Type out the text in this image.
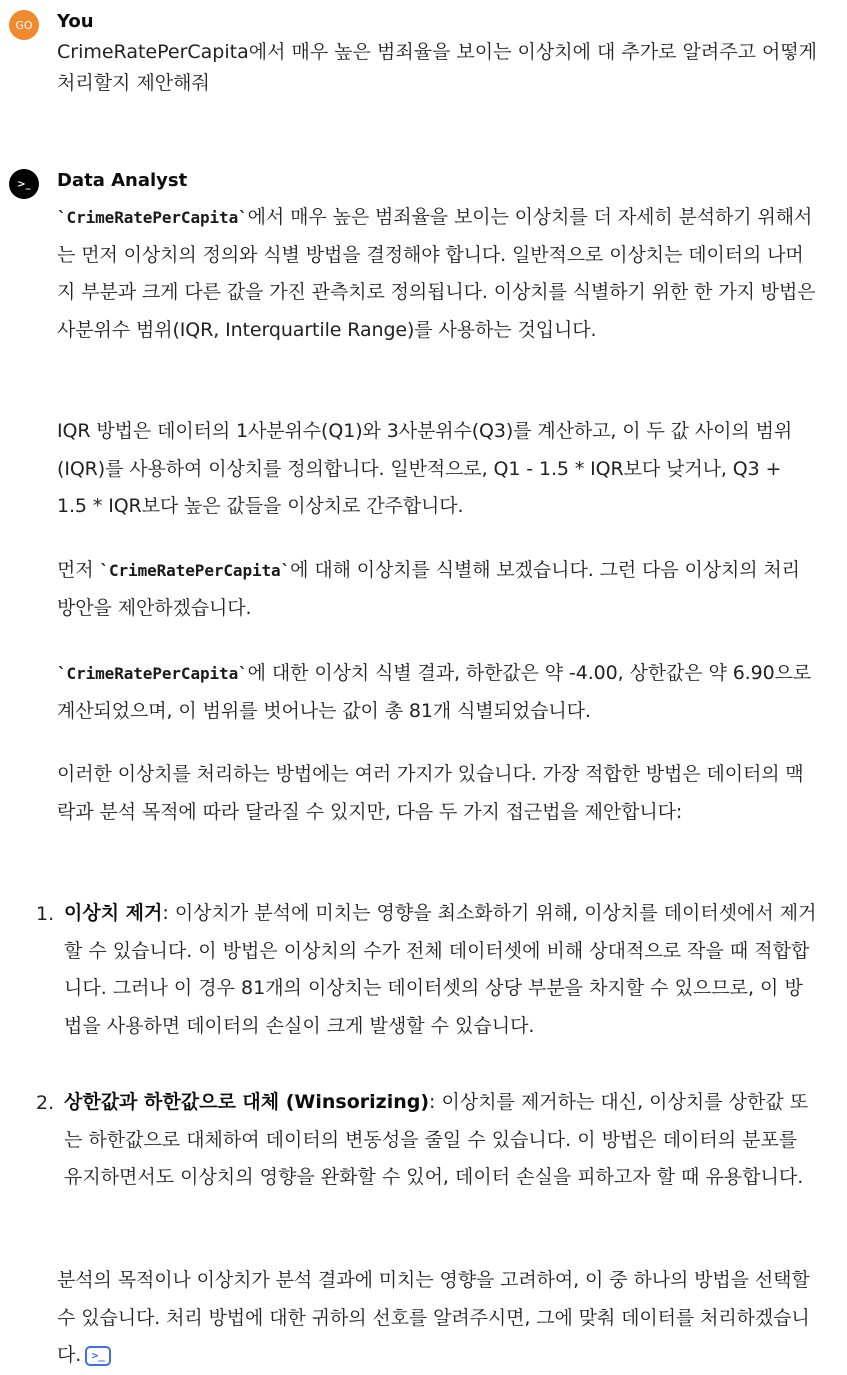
GO	You
CrimeRatePerCapita에서 매우 높은 범죄율을 보이는 이상치에 대 추가로 알려주고 어떻게 처리할지 제안해줘
>_	Data Analyst
`CrimeRatePerCapita`에서 매우 높은 범죄율을 보이는 이상치를 더 자세히 분석하기 위해서는 먼저 이상치의 정의와 식별 방법을 결정해야 합니다. 일반적으로 이상치는 데이터의 나머지 부분과 크게 다른 값을 가진 관측치로 정의됩니다. 이상치를 식별하기 위한 한 가지 방법은 사분위수 범위(IQR, Interquartile Range)를 사용하는 것입니다.
IQR 방법은 데이터의 1사분위수(Q1)와 3사분위수(Q3)를 계산하고, 이 두 값 사이의 범위(IQR)를 사용하여 이상치를 정의합니다. 일반적으로, Q1 - 1.5 * IQR보다 낮거나, Q3 + 1.5 * IQR보다 높은 값들을 이상치로 간주합니다.
먼저 `CrimeRatePerCapita`에 대해 이상치를 식별해 보겠습니다. 그런 다음 이상치의 처리 방안을 제안하겠습니다.
`CrimeRatePerCapita`에 대한 이상치 식별 결과, 하한값은 약 -4.00, 상한값은 약 6.90으로 계산되었으며, 이 범위를 벗어나는 값이 총 81개 식별되었습니다.
이러한 이상치를 처리하는 방법에는 여러 가지가 있습니다. 가장 적합한 방법은 데이터의 맥락과 분석 목적에 따라 달라질 수 있지만, 다음 두 가지 접근법을 제안합니다:
1. 이상치 제거: 이상치가 분석에 미치는 영향을 최소화하기 위해, 이상치를 데이터셋에서 제거할 수 있습니다. 이 방법은 이상치의 수가 전체 데이터셋에 비해 상대적으로 작을 때 적합합니다. 그러나 이 경우 81개의 이상치는 데이터셋의 상당 부분을 차지할 수 있으므로, 이 방법을 사용하면 데이터의 손실이 크게 발생할 수 있습니다.
2. 상한값과 하한값으로 대체 (Winsorizing): 이상치를 제거하는 대신, 이상치를 상한값 또는 하한값으로 대체하여 데이터의 변동성을 줄일 수 있습니다. 이 방법은 데이터의 분포를 유지하면서도 이상치의 영향을 완화할 수 있어, 데이터 손실을 피하고자 할 때 유용합니다.
분석의 목적이나 이상치가 분석 결과에 미치는 영향을 고려하여, 이 중 하나의 방법을 선택할 수 있습니다. 처리 방법에 대한 귀하의 선호를 알려주시면, 그에 맞춰 데이터를 처리하겠습니다. >_
